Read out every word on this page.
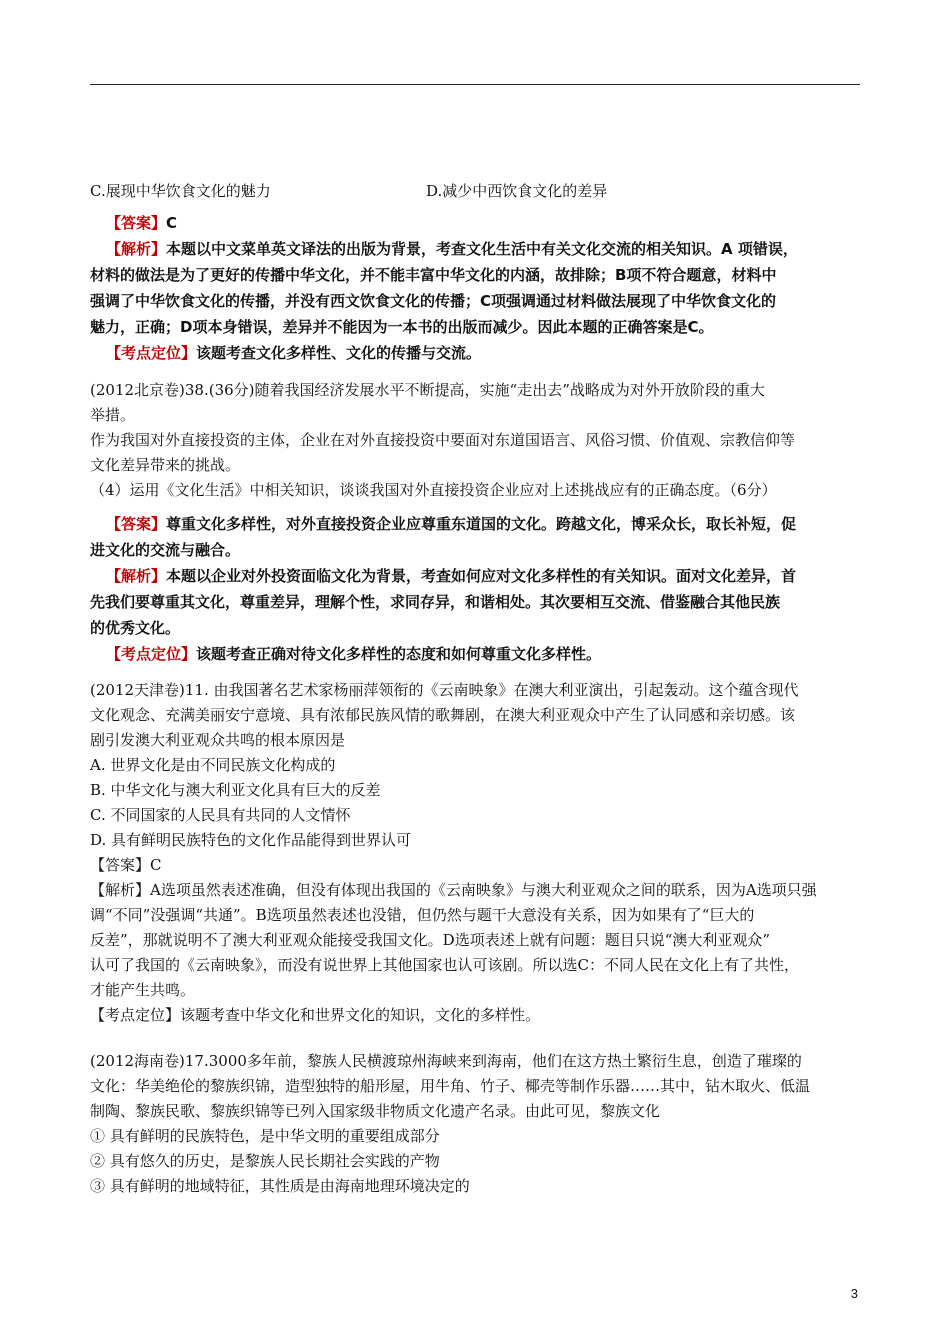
C.展现中华饮食文化的魅力	D.减少中西饮食文化的差异

【答案】C

【解析】本题以中文菜单英文译法的出版为背景，考查文化生活中有关文化交流的相关知识。A 项错误，

材料的做法是为了更好的传播中华文化，并不能丰富中华文化的内涵，故排除；B项不符合题意，材料中

强调了中华饮食文化的传播，并没有西文饮食文化的传播；C项强调通过材料做法展现了中华饮食文化的

魅力，正确；D项本身错误，差异并不能因为一本书的出版而减少。因此本题的正确答案是C。

【考点定位】该题考查文化多样性、文化的传播与交流。

(2012北京卷)38.(36分)随着我国经济发展水平不断提高，实施“走出去”战略成为对外开放阶段的重大

举措。

作为我国对外直接投资的主体，企业在对外直接投资中要面对东道国语言、风俗习惯、价值观、宗教信仰等

文化差异带来的挑战。

（4）运用《文化生活》中相关知识，谈谈我国对外直接投资企业应对上述挑战应有的正确态度。（6分）

【答案】尊重文化多样性，对外直接投资企业应尊重东道国的文化。跨越文化，博采众长，取长补短，促

进文化的交流与融合。

【解析】本题以企业对外投资面临文化为背景，考查如何应对文化多样性的有关知识。面对文化差异，首

先我们要尊重其文化，尊重差异，理解个性，求同存异，和谐相处。其次要相互交流、借鉴融合其他民族

的优秀文化。

【考点定位】该题考查正确对待文化多样性的态度和如何尊重文化多样性。

(2012天津卷)11. 由我国著名艺术家杨丽萍领衔的《云南映象》在澳大利亚演出，引起轰动。这个蕴含现代

文化观念、充满美丽安宁意境、具有浓郁民族风情的歌舞剧，在澳大利亚观众中产生了认同感和亲切感。该

剧引发澳大利亚观众共鸣的根本原因是

A. 世界文化是由不同民族文化构成的

B. 中华文化与澳大利亚文化具有巨大的反差

C. 不同国家的人民具有共同的人文情怀

D. 具有鲜明民族特色的文化作品能得到世界认可

【答案】C

【解析】A选项虽然表述准确，但没有体现出我国的《云南映象》与澳大利亚观众之间的联系，因为A选项只强

调“不同”没强调“共通”。B选项虽然表述也没错，但仍然与题干大意没有关系，因为如果有了“巨大的

反差”，那就说明不了澳大利亚观众能接受我国文化。D选项表述上就有问题：题目只说“澳大利亚观众”

认可了我国的《云南映象》，而没有说世界上其他国家也认可该剧。所以选C：不同人民在文化上有了共性，

才能产生共鸣。

【考点定位】该题考查中华文化和世界文化的知识，文化的多样性。

(2012海南卷)17.3000多年前，黎族人民横渡琼州海峡来到海南，他们在这方热土繁衍生息，创造了璀璨的

文化：华美绝伦的黎族织锦，造型独特的船形屋，用牛角、竹子、椰壳等制作乐器……其中，钻木取火、低温

制陶、黎族民歌、黎族织锦等已列入国家级非物质文化遗产名录。由此可见，黎族文化

① 具有鲜明的民族特色，是中华文明的重要组成部分

② 具有悠久的历史，是黎族人民长期社会实践的产物

③ 具有鲜明的地域特征，其性质是由海南地理环境决定的

3
